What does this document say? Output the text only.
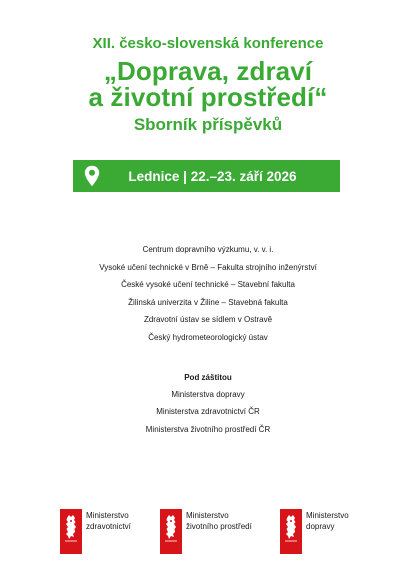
XII. česko-slovenská konference
„Doprava, zdraví
a životní prostředí“
Sborník příspěvků
Lednice | 22.–23. září 2026
Centrum dopravního výzkumu, v. v. i.
Vysoké učení technické v Brně – Fakulta strojního inženýrství
České vysoké učení technické – Stavební fakulta
Žilinská univerzita v Žiline – Stavebná fakulta
Zdravotní ústav se sídlem v Ostravě
Český hydrometeorologický ústav
Pod záštitou
Ministerstva dopravy
Ministerstva zdravotnictví ČR
Ministerstva životního prostředí ČR
Ministerstvo
zdravotnictví
Ministerstvo
životního prostředí
Ministerstvo
dopravy
